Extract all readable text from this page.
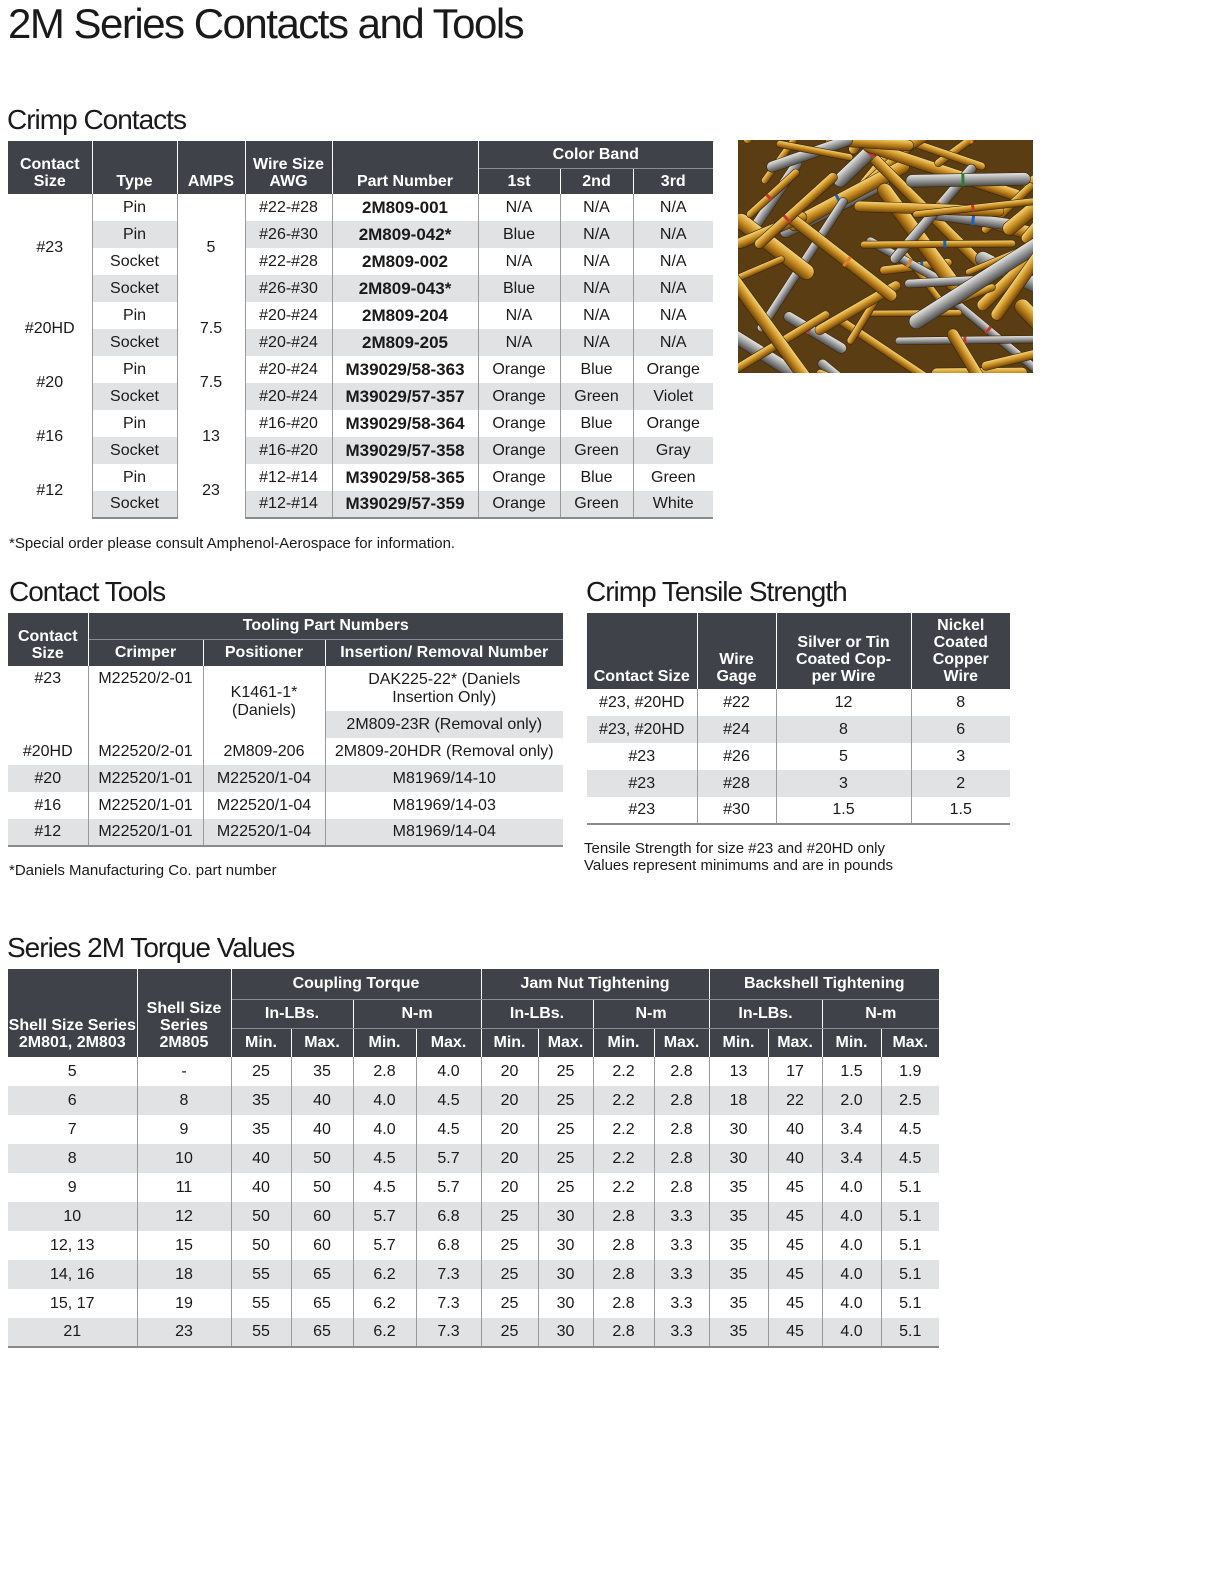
2M Series Contacts and Tools
Crimp Contacts
Contact Size	Type	AMPS	Wire Size AWG	Part Number	Color Band		
					1st	2nd	3rd
#23	Pin	5	#22-#28	2M809-001	N/A	N/A	N/A
	Pin		#26-#30	2M809-042*	Blue	N/A	N/A
	Socket		#22-#28	2M809-002	N/A	N/A	N/A
	Socket		#26-#30	2M809-043*	Blue	N/A	N/A
#20HD	Pin	7.5	#20-#24	2M809-204	N/A	N/A	N/A
	Socket		#20-#24	2M809-205	N/A	N/A	N/A
#20	Pin	7.5	#20-#24	M39029/58-363	Orange	Blue	Orange
	Socket		#20-#24	M39029/57-357	Orange	Green	Violet
#16	Pin	13	#16-#20	M39029/58-364	Orange	Blue	Orange
	Socket		#16-#20	M39029/57-358	Orange	Green	Gray
#12	Pin	23	#12-#14	M39029/58-365	Orange	Blue	Green
	Socket		#12-#14	M39029/57-359	Orange	Green	White

*Special order please consult Amphenol-Aerospace for information.

Contact Tools
Contact Size	Tooling Part Numbers		
	Crimper	Positioner	Insertion/ Removal Number
#23	M22520/2-01	K1461-1* (Daniels)	DAK225-22* (Daniels Insertion Only)
			2M809-23R (Removal only)
#20HD	M22520/2-01	2M809-206	2M809-20HDR (Removal only)
#20	M22520/1-01	M22520/1-04	M81969/14-10
#16	M22520/1-01	M22520/1-04	M81969/14-03
#12	M22520/1-01	M22520/1-04	M81969/14-04

*Daniels Manufacturing Co. part number

Crimp Tensile Strength
Contact Size	Wire Gage	Silver or Tin Coated Cop- per Wire	Nickel Coated Copper Wire
#23, #20HD	#22	12	8
#23, #20HD	#24	8	6
#23	#26	5	3
#23	#28	3	2
#23	#30	1.5	1.5

Tensile Strength for size #23 and #20HD only

Values represent minimums and are in pounds

Series 2M Torque Values
Shell Size Series 2M801, 2M803	Shell Size Series 2M805	Coupling Torque				Jam Nut Tightening				Backshell Tightening			
		In-LBs.		N-m		In-LBs.		N-m		In-LBs.		N-m	
		Min.	Max.	Min.	Max.	Min.	Max.	Min.	Max.	Min.	Max.	Min.	Max.
5	-	25	35	2.8	4.0	20	25	2.2	2.8	13	17	1.5	1.9
6	8	35	40	4.0	4.5	20	25	2.2	2.8	18	22	2.0	2.5
7	9	35	40	4.0	4.5	20	25	2.2	2.8	30	40	3.4	4.5
8	10	40	50	4.5	5.7	20	25	2.2	2.8	30	40	3.4	4.5
9	11	40	50	4.5	5.7	20	25	2.2	2.8	35	45	4.0	5.1
10	12	50	60	5.7	6.8	25	30	2.8	3.3	35	45	4.0	5.1
12, 13	15	50	60	5.7	6.8	25	30	2.8	3.3	35	45	4.0	5.1
14, 16	18	55	65	6.2	7.3	25	30	2.8	3.3	35	45	4.0	5.1
15, 17	19	55	65	6.2	7.3	25	30	2.8	3.3	35	45	4.0	5.1
21	23	55	65	6.2	7.3	25	30	2.8	3.3	35	45	4.0	5.1
